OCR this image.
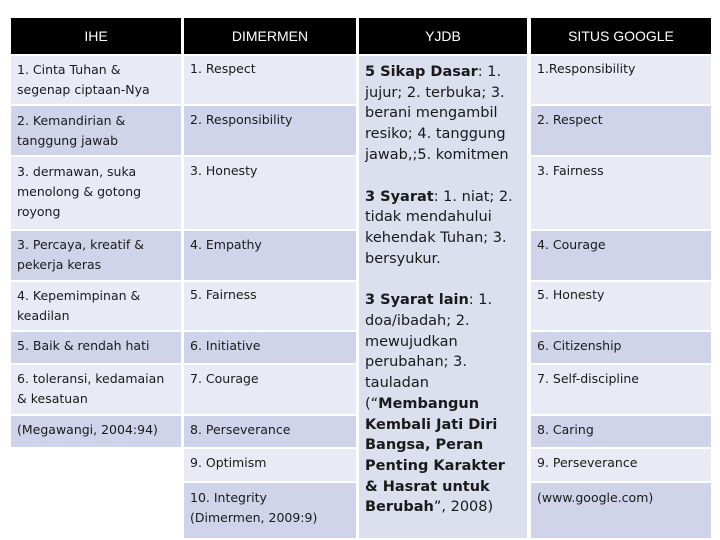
IHE
1. Cinta Tuhan & segenap ciptaan-Nya
2. Kemandirian & tanggung jawab
3. dermawan, suka menolong & gotong royong
3. Percaya, kreatif & pekerja keras
4. Kepemimpinan & keadilan
5. Baik & rendah hati
6. toleransi, kedamaian & kesatuan
(Megawangi, 2004:94)
DIMERMEN
1. Respect
2. Responsibility
3. Honesty
4. Empathy
5. Fairness
6. Initiative
7. Courage
8. Perseverance
9. Optimism
10. Integrity
(Dimermen, 2009:9)
YJDB

5 Sikap Dasar: 1. jujur; 2. terbuka; 3. berani mengambil resiko; 4. tanggung jawab,;5. komitmen

3 Syarat: 1. niat; 2. tidak mendahului kehendak Tuhan; 3. bersyukur.

3 Syarat lain: 1. doa/ibadah; 2. mewujudkan perubahan; 3. tauladan (“Membangun Kembali Jati Diri Bangsa, Peran Penting Karakter & Hasrat untuk Berubah”, 2008)

SITUS GOOGLE
1.Responsibility
2. Respect
3. Fairness
4. Courage
5. Honesty
6. Citizenship
7. Self-discipline
8. Caring
9. Perseverance
(www.google.com)
